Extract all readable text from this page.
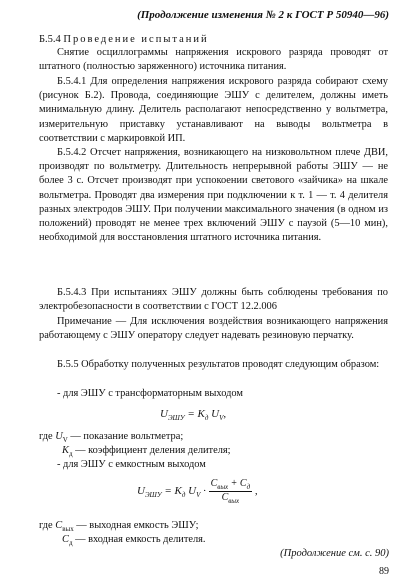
(Продолжение изменения № 2 к ГОСТ Р 50940—96)
Б.5.4 Проведение испытаний

Снятие осциллограммы напряжения искрового разряда проводят от штатного (полностью заряженного) источника питания.

Б.5.4.1 Для определения напряжения искрового разряда собирают схему (рисунок Б.2). Провода, соединяющие ЭШУ с делителем, должны иметь минимальную длину. Делитель располагают непосредственно у вольтметра, измерительную приставку устанавливают на выводы вольтметра в соответствии с маркировкой ИП.

Б.5.4.2 Отсчет напряжения, возникающего на низковольтном плече ДВИ, производят по вольтметру. Длительность непрерывной работы ЭШУ — не более 3 с. Отсчет производят при успокоении светового «зайчика» на шкале вольтметра. Проводят два измерения при подключении к т. 1 — т. 4 делителя разных электродов ЭШУ. При получении максимального значения (в одном из положений) проводят не менее трех включений ЭШУ с паузой (5—10 мин), необходимой для восстановления штатного источника питания.

Б.5.4.3 При испытаниях ЭШУ должны быть соблюдены требования по электробезопасности в соответствии с ГОСТ 12.2.006

Примечание — Для исключения воздействия возникающего напряжения работающему с ЭШУ оператору следует надевать резиновую перчатку.

Б.5.5 Обработку полученных результатов проводят следующим образом:

- для ЭШУ с трансформаторным выходом

$U_{ЭШУ} = K_д$ $U_V$,
где $U_V$ — показание вольтметра;
$K_д$ — коэффициент деления делителя;
- для ЭШУ с емкостным выходом
$U_{ЭШУ} = K_д$ $U_V \cdot \frac{C_{вых} + C_д}{C_{вых}}$ ,
где $C_{вых}$ — выходная емкость ЭШУ;
$C_д$ — входная емкость делителя.
(Продолжение см. с. 90)
89
